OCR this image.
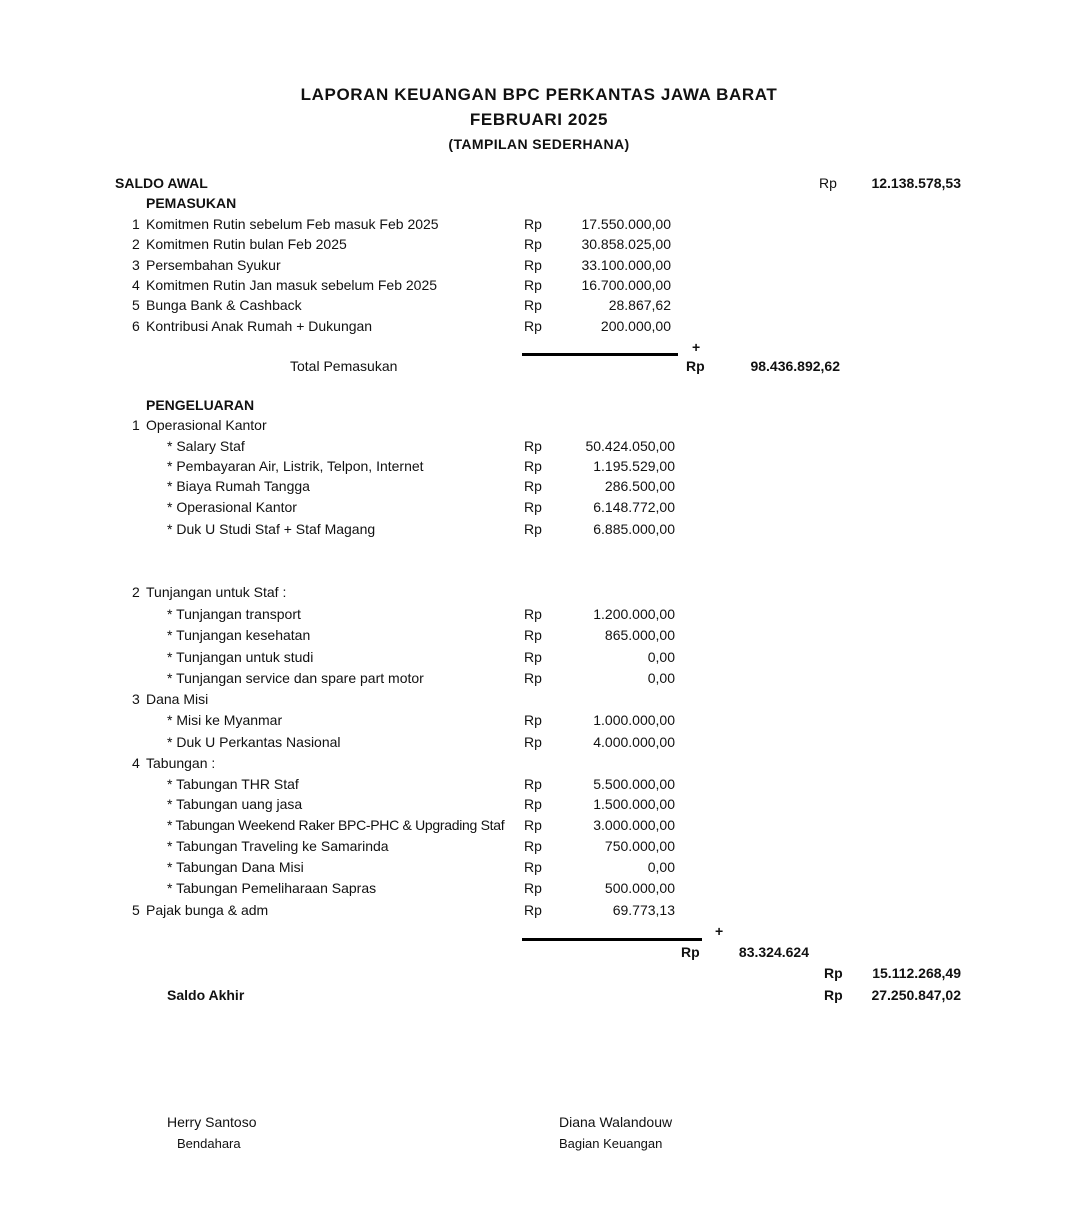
LAPORAN KEUANGAN BPC PERKANTAS JAWA BARAT
FEBRUARI 2025
(TAMPILAN SEDERHANA)
SALDO AWAL	Rp	12.138.578,53
PEMASUKAN
1 Komitmen Rutin sebelum Feb masuk Feb 2025	Rp	17.550.000,00
2 Komitmen Rutin bulan Feb 2025	Rp	30.858.025,00
3 Persembahan Syukur	Rp	33.100.000,00
4 Komitmen Rutin Jan masuk sebelum Feb 2025	Rp	16.700.000,00
5 Bunga Bank & Cashback	Rp	28.867,62
6 Kontribusi Anak Rumah + Dukungan	Rp	200.000,00
+
Total Pemasukan	Rp	98.436.892,62
PENGELUARAN
1 Operasional Kantor
* Salary Staf	Rp	50.424.050,00
* Pembayaran Air, Listrik, Telpon, Internet	Rp	1.195.529,00
* Biaya Rumah Tangga	Rp	286.500,00
* Operasional Kantor	Rp	6.148.772,00
* Duk U Studi Staf + Staf Magang	Rp	6.885.000,00
2 Tunjangan untuk Staf :
* Tunjangan transport	Rp	1.200.000,00
* Tunjangan kesehatan	Rp	865.000,00
* Tunjangan untuk studi	Rp	0,00
* Tunjangan service dan spare part motor	Rp	0,00
3 Dana Misi
* Misi ke Myanmar	Rp	1.000.000,00
* Duk U Perkantas Nasional	Rp	4.000.000,00
4 Tabungan :
* Tabungan THR Staf	Rp	5.500.000,00
* Tabungan uang jasa	Rp	1.500.000,00
* Tabungan Weekend Raker BPC-PHC & Upgrading Staf Rp	3.000.000,00
* Tabungan Traveling ke Samarinda	Rp	750.000,00
* Tabungan Dana Misi	Rp	0,00
* Tabungan Pemeliharaan Sapras	Rp	500.000,00
5 Pajak bunga & adm	Rp	69.773,13
+
Rp	83.324.624
Rp	15.112.268,49
Saldo Akhir	Rp	27.250.847,02
Herry Santoso
Bendahara
Diana Walandouw
Bagian Keuangan
